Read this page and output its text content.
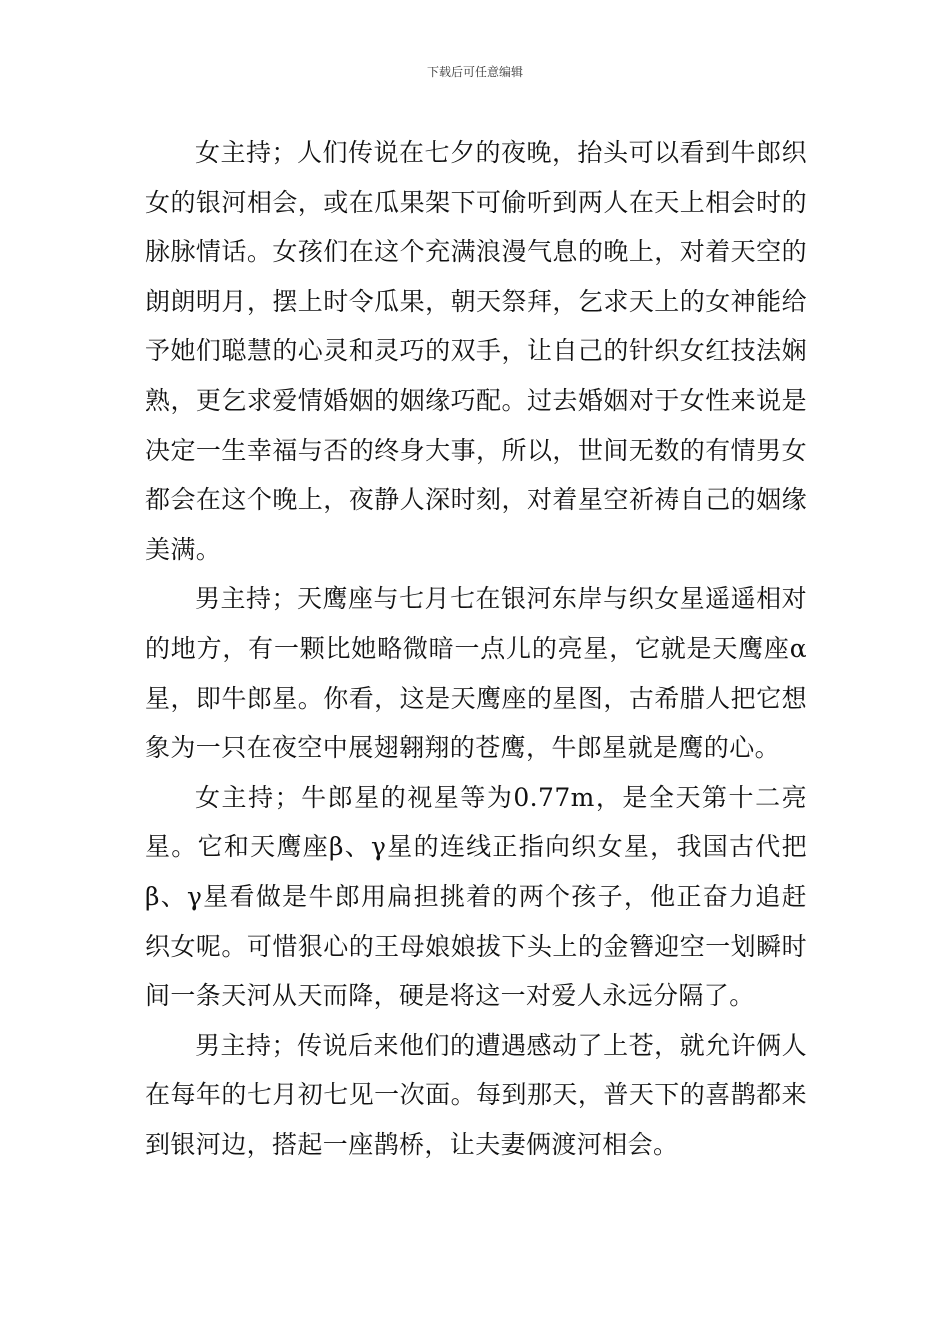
下载后可任意编辑

女主持；人们传说在七夕的夜晚，抬头可以看到牛郎织女的银河相会，或在瓜果架下可偷听到两人在天上相会时的脉脉情话。女孩们在这个充满浪漫气息的晚上，对着天空的朗朗明月，摆上时令瓜果，朝天祭拜，乞求天上的女神能给予她们聪慧的心灵和灵巧的双手，让自己的针织女红技法娴熟，更乞求爱情婚姻的姻缘巧配。过去婚姻对于女性来说是决定一生幸福与否的终身大事，所以，世间无数的有情男女都会在这个晚上，夜静人深时刻，对着星空祈祷自己的姻缘美满。

男主持；天鹰座与七月七在银河东岸与织女星遥遥相对的地方，有一颗比她略微暗一点儿的亮星，它就是天鹰座α星，即牛郎星。你看，这是天鹰座的星图，古希腊人把它想象为一只在夜空中展翅翱翔的苍鹰，牛郎星就是鹰的心。

女主持；牛郎星的视星等为0.77m，是全天第十二亮星。它和天鹰座β、γ星的连线正指向织女星，我国古代把β、γ星看做是牛郎用扁担挑着的两个孩子，他正奋力追赶织女呢。可惜狠心的王母娘娘拔下头上的金簪迎空一划瞬时间一条天河从天而降，硬是将这一对爱人永远分隔了。

男主持；传说后来他们的遭遇感动了上苍，就允许俩人在每年的七月初七见一次面。每到那天，普天下的喜鹊都来到银河边，搭起一座鹊桥，让夫妻俩渡河相会。
